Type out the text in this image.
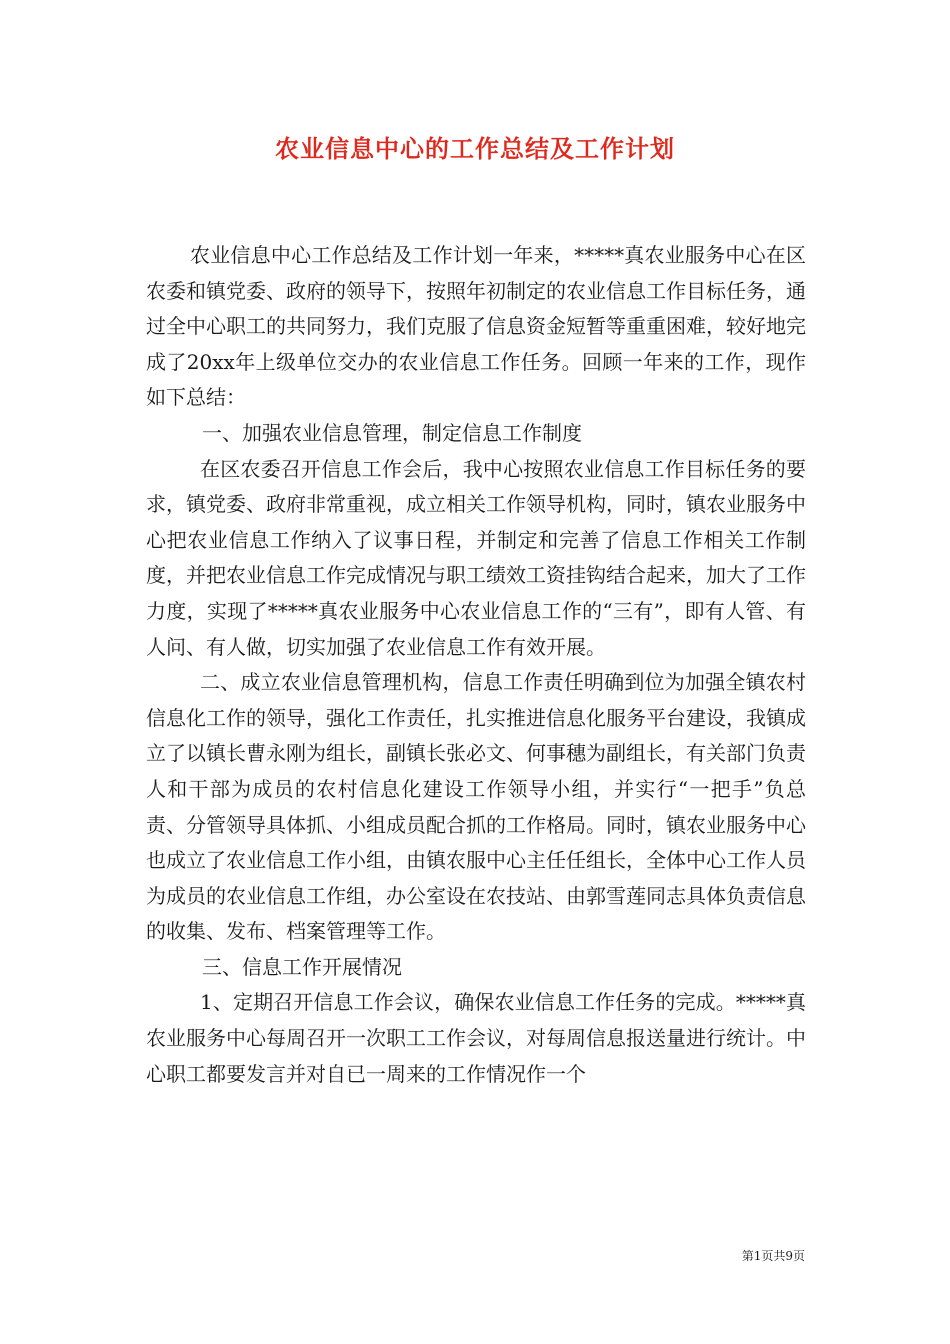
农业信息中心的工作总结及工作计划

农业信息中心工作总结及工作计划一年来，*****真农业服务中心在区农委和镇党委、政府的领导下，按照年初制定的农业信息工作目标任务，通过全中心职工的共同努力，我们克服了信息资金短暂等重重困难，较好地完成了20xx年上级单位交办的农业信息工作任务。回顾一年来的工作，现作如下总结：

一、加强农业信息管理，制定信息工作制度

在区农委召开信息工作会后，我中心按照农业信息工作目标任务的要求，镇党委、政府非常重视，成立相关工作领导机构，同时，镇农业服务中心把农业信息工作纳入了议事日程，并制定和完善了信息工作相关工作制度，并把农业信息工作完成情况与职工绩效工资挂钩结合起来，加大了工作力度，实现了*****真农业服务中心农业信息工作的“三有”，即有人管、有人问、有人做，切实加强了农业信息工作有效开展。

二、成立农业信息管理机构，信息工作责任明确到位为加强全镇农村信息化工作的领导，强化工作责任，扎实推进信息化服务平台建设，我镇成立了以镇长曹永刚为组长，副镇长张必文、何事穗为副组长，有关部门负责人和干部为成员的农村信息化建设工作领导小组，并实行“一把手”负总责、分管领导具体抓、小组成员配合抓的工作格局。同时，镇农业服务中心也成立了农业信息工作小组，由镇农服中心主任任组长，全体中心工作人员为成员的农业信息工作组，办公室设在农技站、由郭雪莲同志具体负责信息的收集、发布、档案管理等工作。

三、信息工作开展情况

1、定期召开信息工作会议，确保农业信息工作任务的完成。*****真农业服务中心每周召开一次职工工作会议，对每周信息报送量进行统计。中心职工都要发言并对自已一周来的工作情况作一个

第1页共9页
